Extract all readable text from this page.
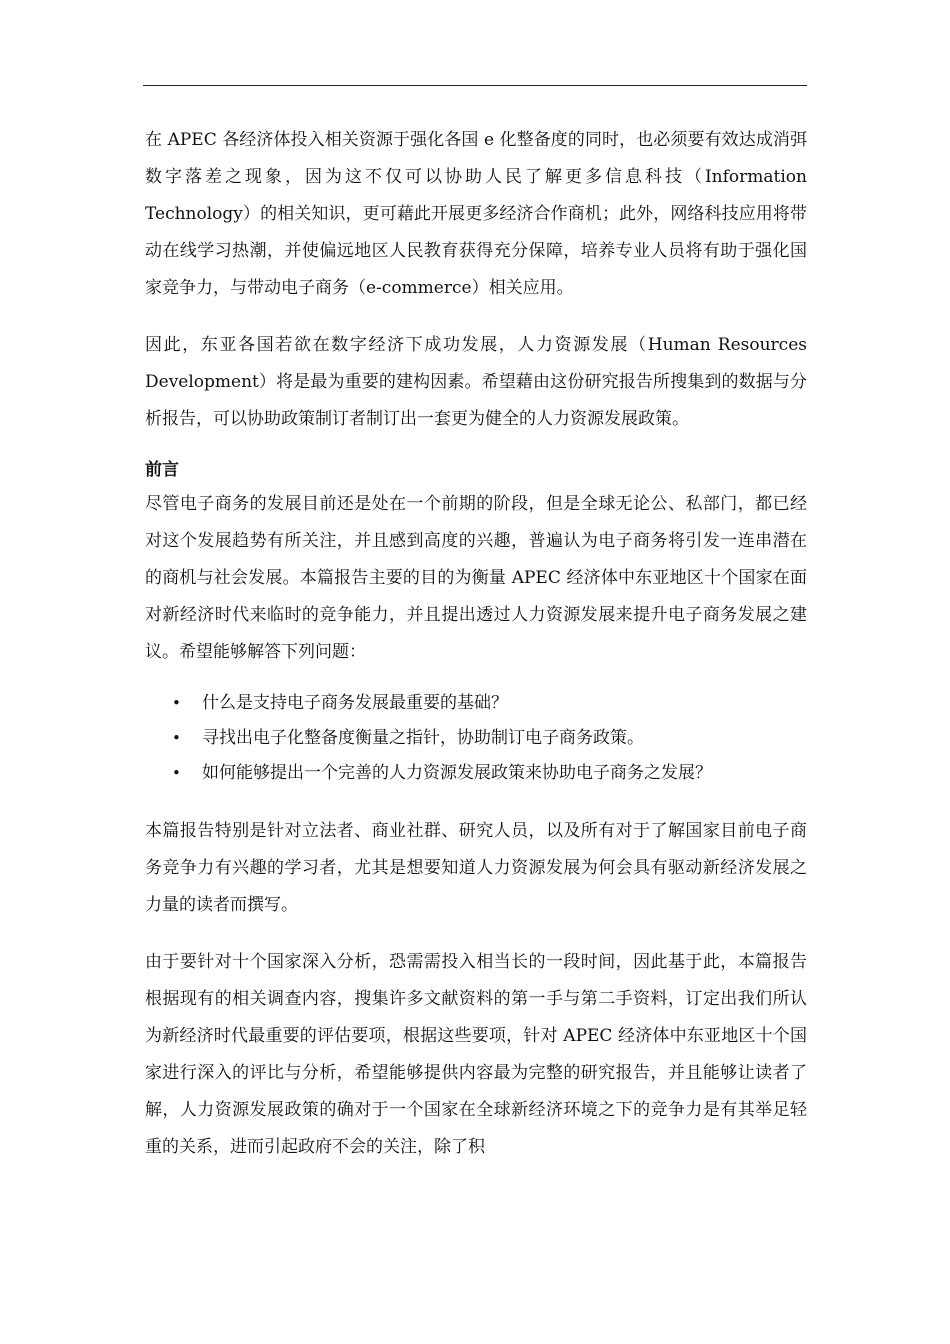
在 APEC 各经济体投入相关资源于强化各国 e 化整备度的同时，也必须要有效达成消弭数字落差之现象，因为这不仅可以协助人民了解更多信息科技（Information Technology）的相关知识，更可藉此开展更多经济合作商机；此外，网络科技应用将带动在线学习热潮，并使偏远地区人民教育获得充分保障，培养专业人员将有助于强化国家竞争力，与带动电子商务（e-commerce）相关应用。

因此，东亚各国若欲在数字经济下成功发展，人力资源发展（Human Resources Development）将是最为重要的建构因素。希望藉由这份研究报告所搜集到的数据与分析报告，可以协助政策制订者制订出一套更为健全的人力资源发展政策。

前言

尽管电子商务的发展目前还是处在一个前期的阶段，但是全球无论公、私部门，都已经对这个发展趋势有所关注，并且感到高度的兴趣，普遍认为电子商务将引发一连串潜在的商机与社会发展。本篇报告主要的目的为衡量 APEC 经济体中东亚地区十个国家在面对新经济时代来临时的竞争能力，并且提出透过人力资源发展来提升电子商务发展之建议。希望能够解答下列问题：

• 什么是支持电子商务发展最重要的基础？
• 寻找出电子化整备度衡量之指针，协助制订电子商务政策。
• 如何能够提出一个完善的人力资源发展政策来协助电子商务之发展？

本篇报告特别是针对立法者、商业社群、研究人员，以及所有对于了解国家目前电子商务竞争力有兴趣的学习者，尤其是想要知道人力资源发展为何会具有驱动新经济发展之力量的读者而撰写。

由于要针对十个国家深入分析，恐需需投入相当长的一段时间，因此基于此，本篇报告根据现有的相关调查内容，搜集许多文献资料的第一手与第二手资料，订定出我们所认为新经济时代最重要的评估要项，根据这些要项，针对 APEC 经济体中东亚地区十个国家进行深入的评比与分析，希望能够提供内容最为完整的研究报告，并且能够让读者了解，人力资源发展政策的确对于一个国家在全球新经济环境之下的竞争力是有其举足轻重的关系，进而引起政府不会的关注，除了积
